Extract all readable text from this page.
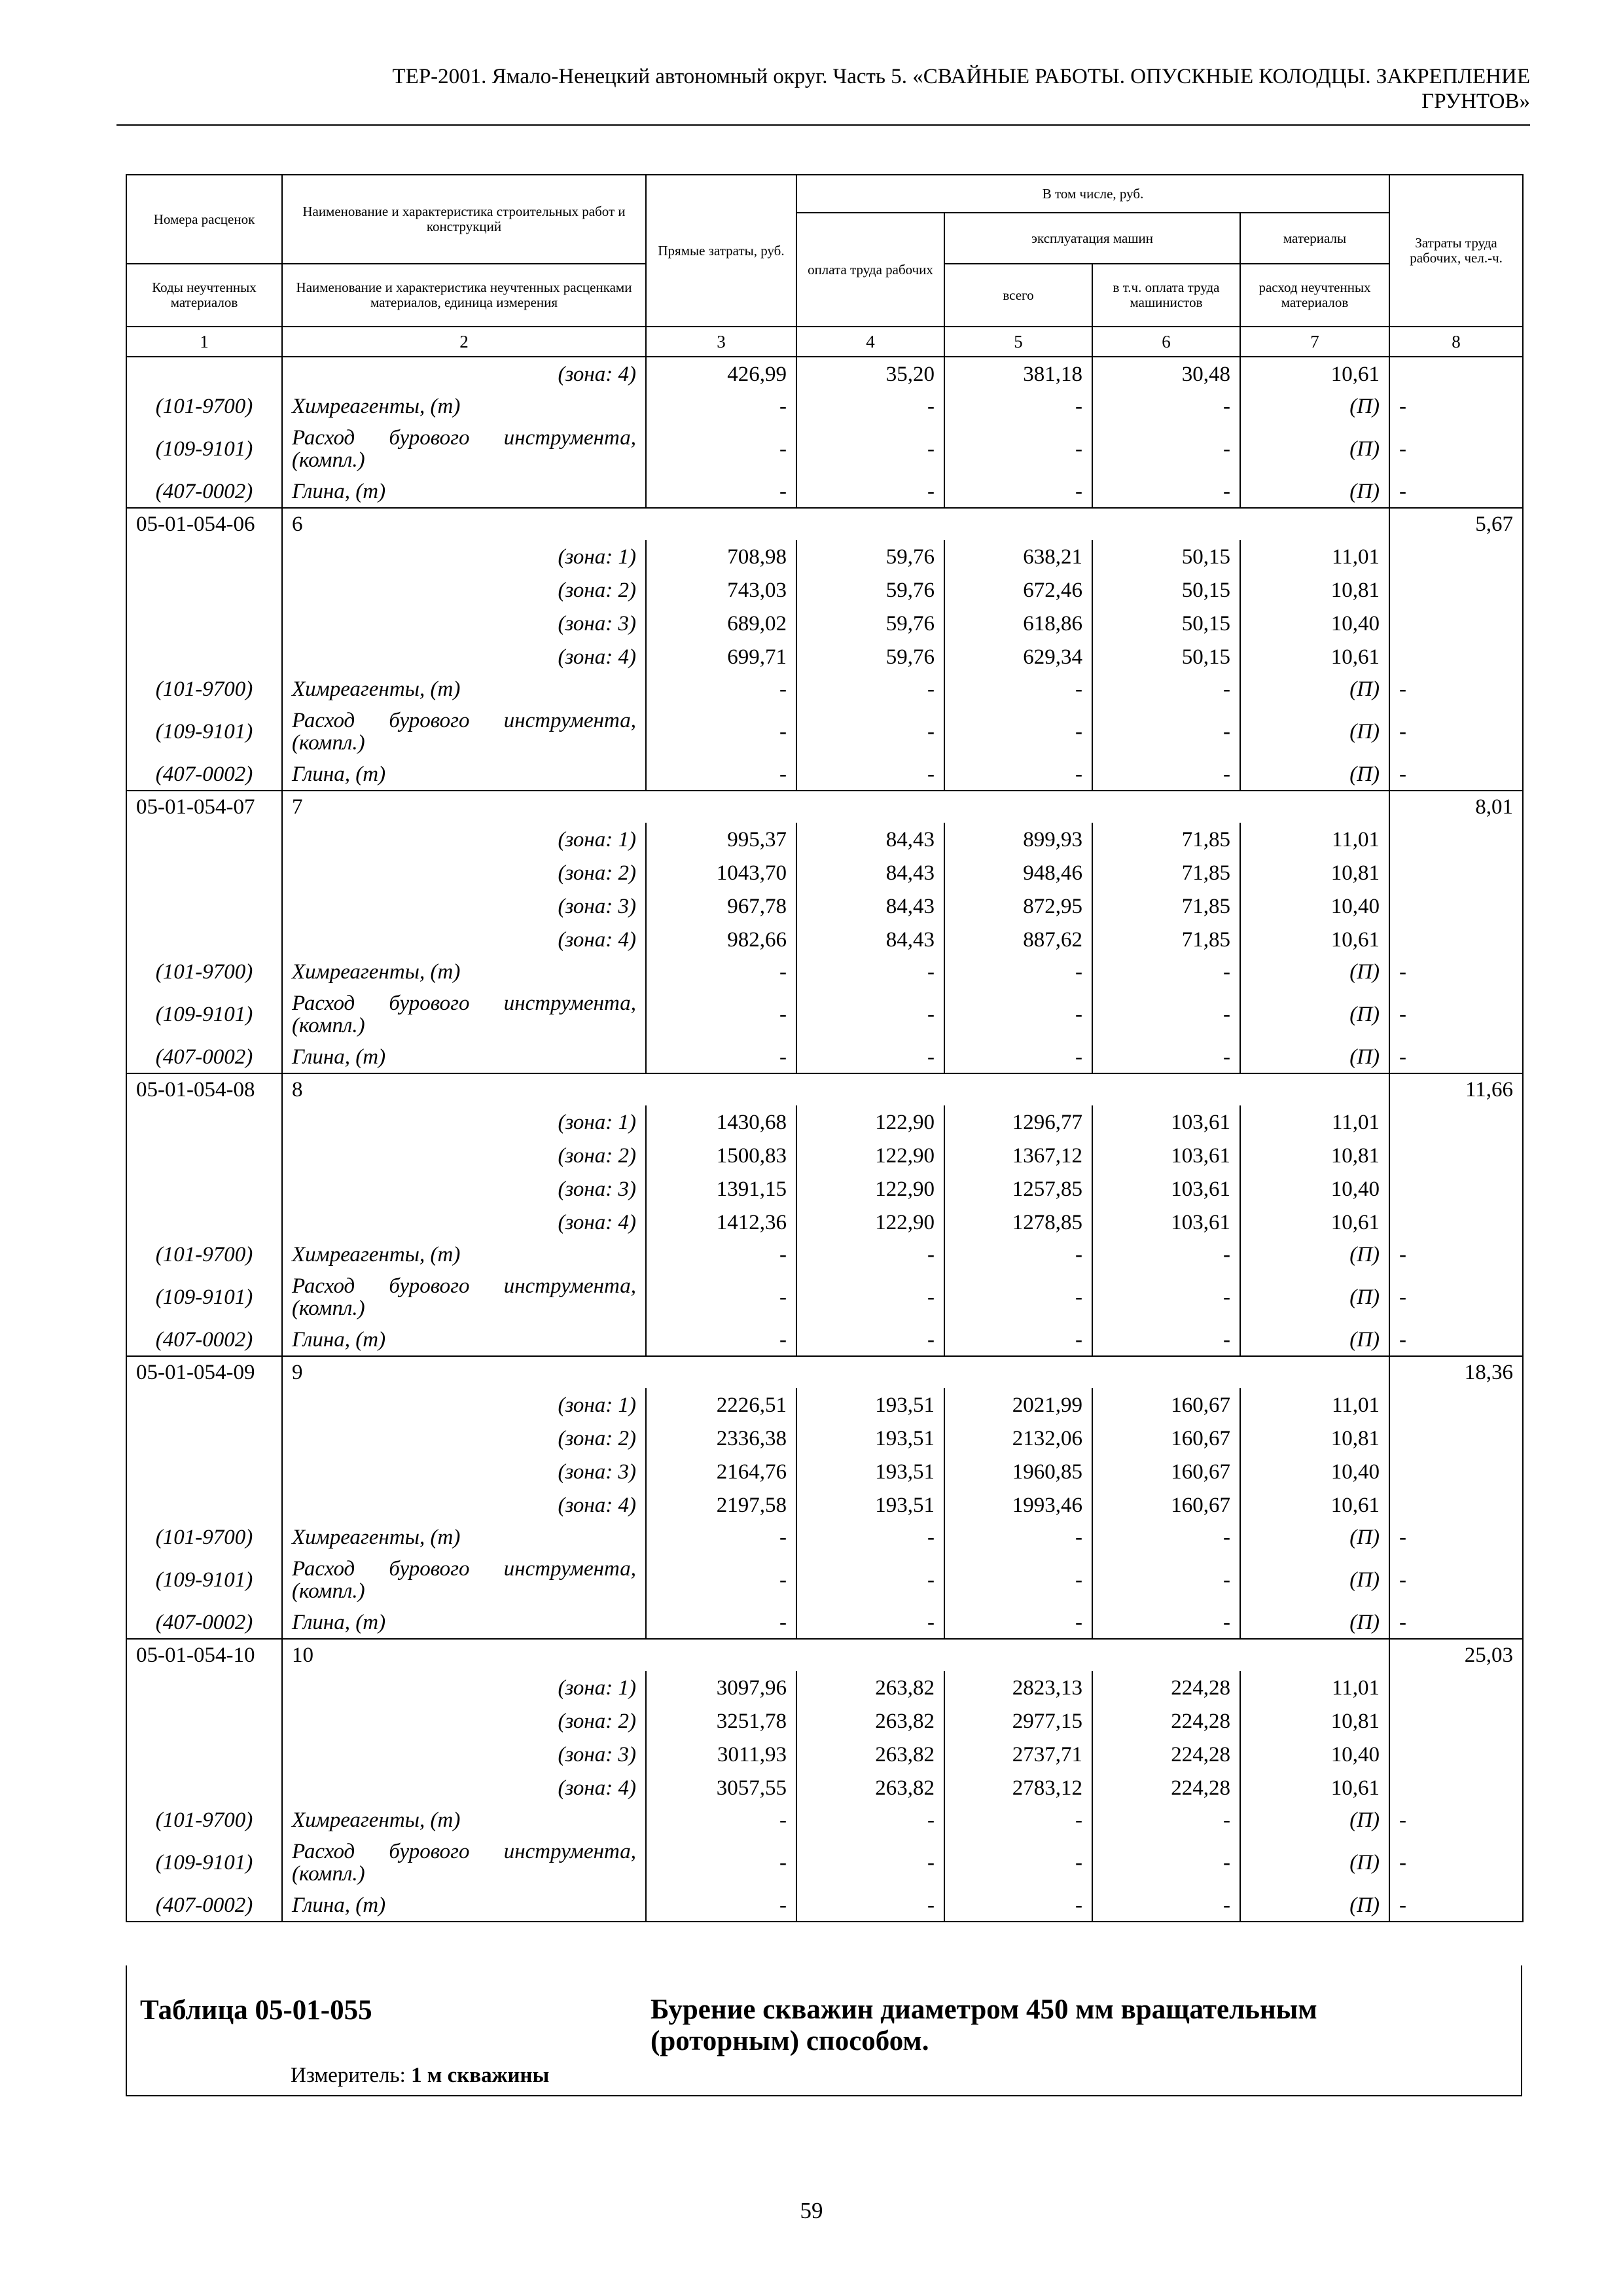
ТЕР-2001. Ямало-Ненецкий автономный округ. Часть 5. «СВАЙНЫЕ РАБОТЫ. ОПУСКНЫЕ КОЛОДЦЫ. ЗАКРЕПЛЕНИЕ
ГРУНТОВ»
Номера расценок	Наименование и характеристика строительных работ и конструкций	Прямые затраты, руб.	В том числе, руб.				Затраты труда рабочих, чел.-ч.
			оплата труда рабочих	эксплуатация машин		материалы	
Коды неучтенных материалов	Наименование и характеристика неучтенных расценками материалов, единица измерения			всего	в т.ч. оплата труда машинистов	расход неучтенных материалов	
1	2	3	4	5	6	7	8
	(зона: 4)	426,99	35,20	381,18	30,48	10,61	
(101-9700)	Химреагенты, (т)	-	-	-	-	(П)	-
(109-9101)	Расход бурового инструмента, (компл.)	-	-	-	-	(П)	-
(407-0002)	Глина, (т)	-	-	-	-	(П)	-
05-01-054-06	6						5,67
	(зона: 1)	708,98	59,76	638,21	50,15	11,01	
	(зона: 2)	743,03	59,76	672,46	50,15	10,81	
	(зона: 3)	689,02	59,76	618,86	50,15	10,40	
	(зона: 4)	699,71	59,76	629,34	50,15	10,61	
(101-9700)	Химреагенты, (т)	-	-	-	-	(П)	-
(109-9101)	Расход бурового инструмента, (компл.)	-	-	-	-	(П)	-
(407-0002)	Глина, (т)	-	-	-	-	(П)	-
05-01-054-07	7						8,01
	(зона: 1)	995,37	84,43	899,93	71,85	11,01	
	(зона: 2)	1043,70	84,43	948,46	71,85	10,81	
	(зона: 3)	967,78	84,43	872,95	71,85	10,40	
	(зона: 4)	982,66	84,43	887,62	71,85	10,61	
(101-9700)	Химреагенты, (т)	-	-	-	-	(П)	-
(109-9101)	Расход бурового инструмента, (компл.)	-	-	-	-	(П)	-
(407-0002)	Глина, (т)	-	-	-	-	(П)	-
05-01-054-08	8						11,66
	(зона: 1)	1430,68	122,90	1296,77	103,61	11,01	
	(зона: 2)	1500,83	122,90	1367,12	103,61	10,81	
	(зона: 3)	1391,15	122,90	1257,85	103,61	10,40	
	(зона: 4)	1412,36	122,90	1278,85	103,61	10,61	
(101-9700)	Химреагенты, (т)	-	-	-	-	(П)	-
(109-9101)	Расход бурового инструмента, (компл.)	-	-	-	-	(П)	-
(407-0002)	Глина, (т)	-	-	-	-	(П)	-
05-01-054-09	9						18,36
	(зона: 1)	2226,51	193,51	2021,99	160,67	11,01	
	(зона: 2)	2336,38	193,51	2132,06	160,67	10,81	
	(зона: 3)	2164,76	193,51	1960,85	160,67	10,40	
	(зона: 4)	2197,58	193,51	1993,46	160,67	10,61	
(101-9700)	Химреагенты, (т)	-	-	-	-	(П)	-
(109-9101)	Расход бурового инструмента, (компл.)	-	-	-	-	(П)	-
(407-0002)	Глина, (т)	-	-	-	-	(П)	-
05-01-054-10	10						25,03
	(зона: 1)	3097,96	263,82	2823,13	224,28	11,01	
	(зона: 2)	3251,78	263,82	2977,15	224,28	10,81	
	(зона: 3)	3011,93	263,82	2737,71	224,28	10,40	
	(зона: 4)	3057,55	263,82	2783,12	224,28	10,61	
(101-9700)	Химреагенты, (т)	-	-	-	-	(П)	-
(109-9101)	Расход бурового инструмента, (компл.)	-	-	-	-	(П)	-
(407-0002)	Глина, (т)	-	-	-	-	(П)	-
Таблица 05-01-055	Бурение скважин диаметром 450 мм вращательным (роторным) способом.
Измеритель: 1 м скважины
59
